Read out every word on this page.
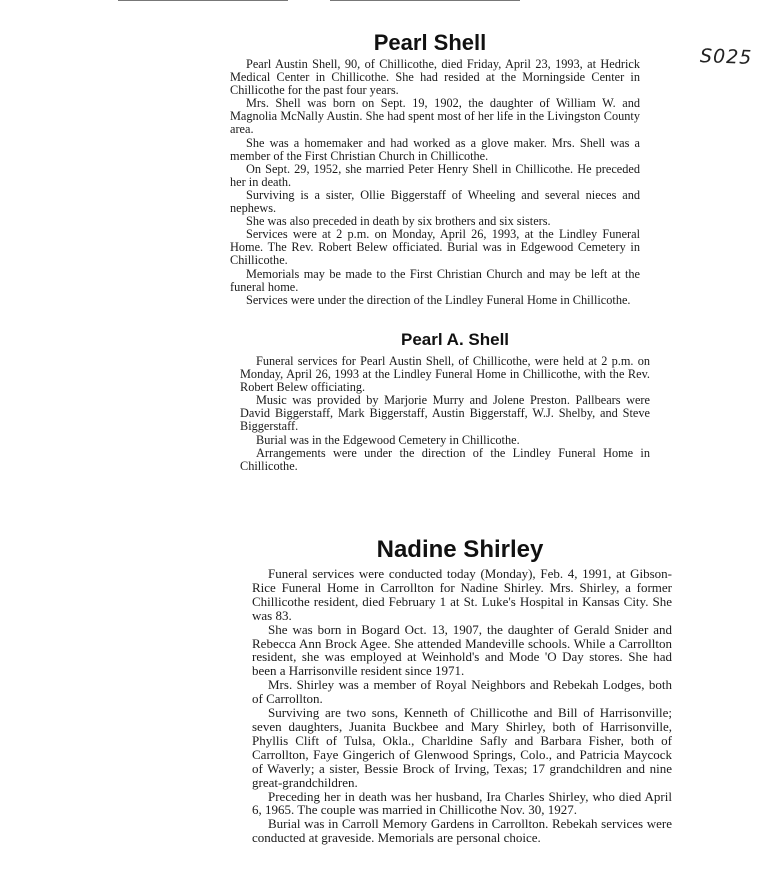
S025
Pearl Shell

Pearl Austin Shell, 90, of Chillicothe, died Friday, April 23, 1993, at Hedrick Medical Center in Chillicothe. She had resided at the Morningside Center in Chillicothe for the past four years.

Mrs. Shell was born on Sept. 19, 1902, the daughter of William W. and Magnolia McNally Austin. She had spent most of her life in the Livingston County area.

She was a homemaker and had worked as a glove maker. Mrs. Shell was a member of the First Christian Church in Chillicothe.

On Sept. 29, 1952, she married Peter Henry Shell in Chillicothe. He preceded her in death.

Surviving is a sister, Ollie Biggerstaff of Wheeling and several nieces and nephews.

She was also preceded in death by six brothers and six sisters.

Services were at 2 p.m. on Monday, April 26, 1993, at the Lindley Funeral Home. The Rev. Robert Belew officiated. Burial was in Edgewood Cemetery in Chillicothe.

Memorials may be made to the First Christian Church and may be left at the funeral home.

Services were under the direction of the Lindley Funeral Home in Chillicothe.

Pearl A. Shell

Funeral services for Pearl Austin Shell, of Chillicothe, were held at 2 p.m. on Monday, April 26, 1993 at the Lindley Funeral Home in Chillicothe, with the Rev. Robert Belew officiating.

Music was provided by Marjorie Murry and Jolene Preston. Pallbears were David Biggerstaff, Mark Biggerstaff, Austin Biggerstaff, W.J. Shelby, and Steve Biggerstaff.

Burial was in the Edgewood Cemetery in Chillicothe.

Arrangements were under the direction of the Lindley Funeral Home in Chillicothe.

Nadine Shirley

Funeral services were conducted today (Monday), Feb. 4, 1991, at Gibson-Rice Funeral Home in Carrollton for Nadine Shirley. Mrs. Shirley, a former Chillicothe resident, died February 1 at St. Luke's Hospital in Kansas City. She was 83.

She was born in Bogard Oct. 13, 1907, the daughter of Gerald Snider and Rebecca Ann Brock Agee. She attended Mandeville schools. While a Carrollton resident, she was employed at Weinhold's and Mode 'O Day stores. She had been a Harrisonville resident since 1971.

Mrs. Shirley was a member of Royal Neighbors and Rebekah Lodges, both of Carrollton.

Surviving are two sons, Kenneth of Chillicothe and Bill of Harrisonville; seven daughters, Juanita Buckbee and Mary Shirley, both of Harrisonville, Phyllis Clift of Tulsa, Okla., Charldine Safly and Barbara Fisher, both of Carrollton, Faye Gingerich of Glenwood Springs, Colo., and Patricia Maycock of Waverly; a sister, Bessie Brock of Irving, Texas; 17 grandchildren and nine great-grandchildren.

Preceding her in death was her husband, Ira Charles Shirley, who died April 6, 1965. The couple was married in Chillicothe Nov. 30, 1927.

Burial was in Carroll Memory Gardens in Carrollton. Rebekah services were conducted at graveside. Memorials are personal choice.
